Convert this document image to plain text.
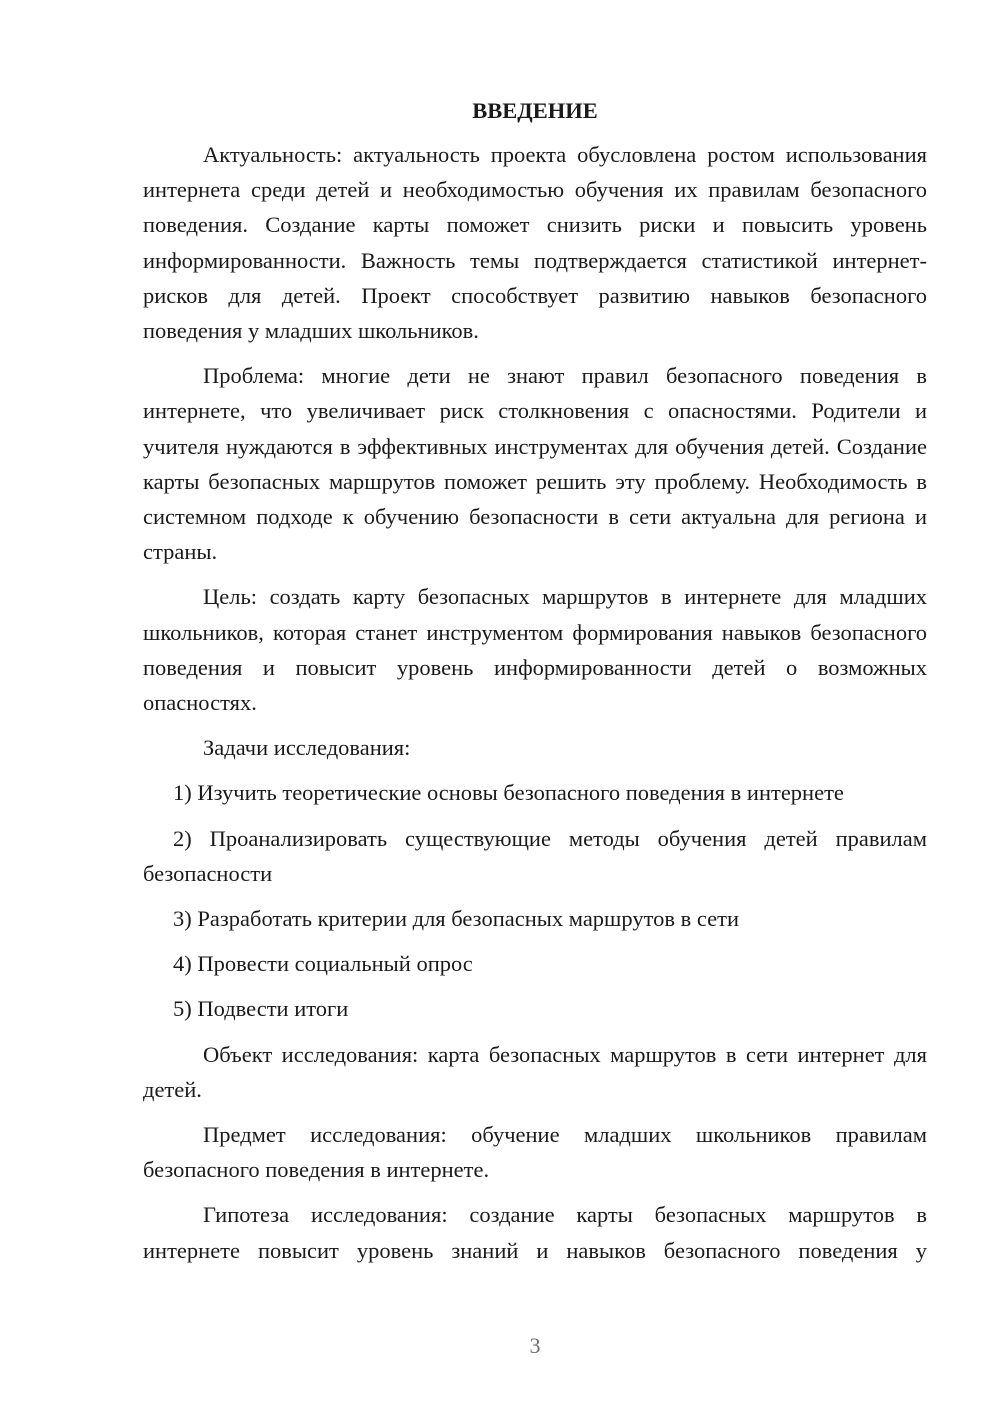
ВВЕДЕНИЕ

Актуальность: актуальность проекта обусловлена ростом использования интернета среди детей и необходимостью обучения их правилам безопасного поведения. Создание карты поможет снизить риски и повысить уровень информированности. Важность темы подтверждается статистикой интернет-рисков для детей. Проект способствует развитию навыков безопасного поведения у младших школьников.

Проблема: многие дети не знают правил безопасного поведения в интернете, что увеличивает риск столкновения с опасностями. Родители и учителя нуждаются в эффективных инструментах для обучения детей. Создание карты безопасных маршрутов поможет решить эту проблему. Необходимость в системном подходе к обучению безопасности в сети актуальна для региона и страны.

Цель: создать карту безопасных маршрутов в интернете для младших школьников, которая станет инструментом формирования навыков безопасного поведения и повысит уровень информированности детей о возможных опасностях.

Задачи исследования:

1) Изучить теоретические основы безопасного поведения в интернете

2) Проанализировать существующие методы обучения детей правилам безопасности

3) Разработать критерии для безопасных маршрутов в сети

4) Провести социальный опрос

5) Подвести итоги

Объект исследования: карта безопасных маршрутов в сети интернет для детей.

Предмет исследования: обучение младших школьников правилам безопасного поведения в интернете.

Гипотеза исследования: создание карты безопасных маршрутов в интернете повысит уровень знаний и навыков безопасного поведения у

3
